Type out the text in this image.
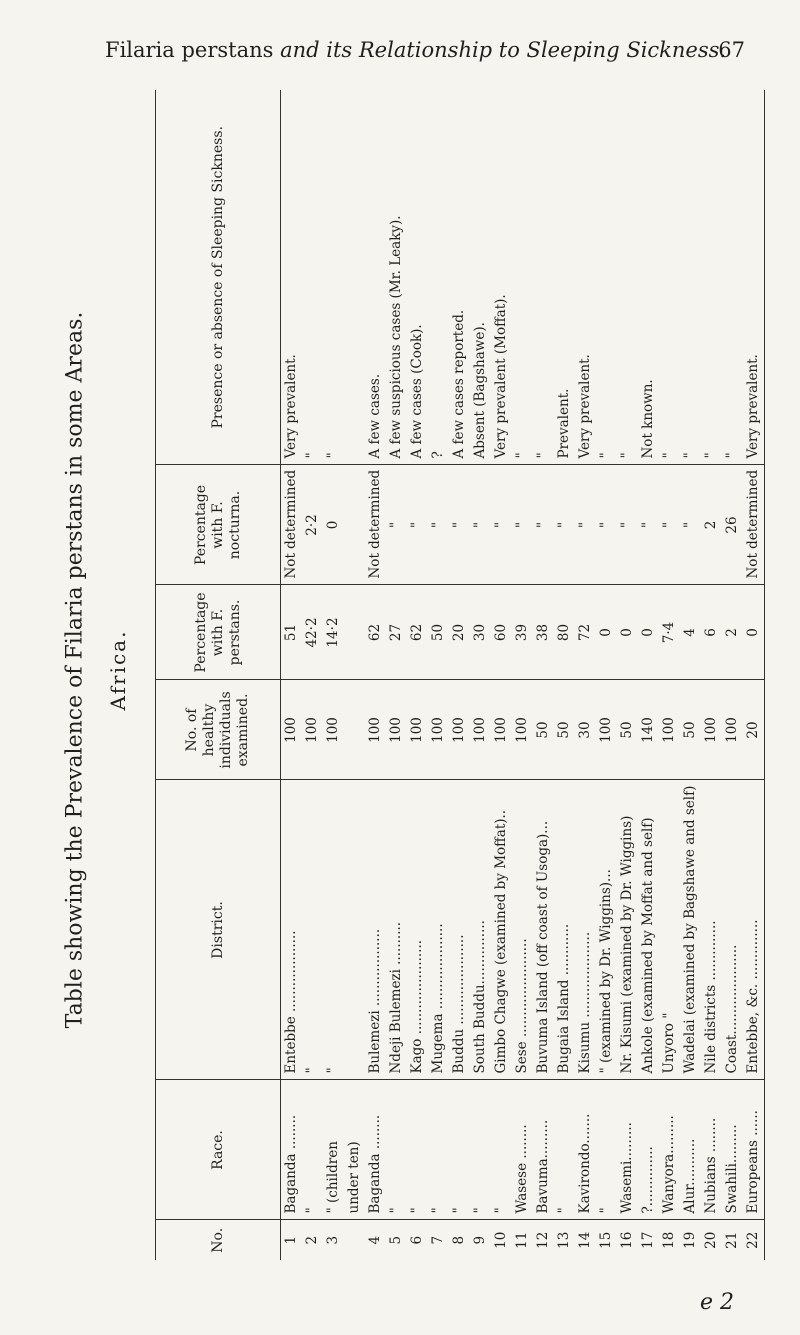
Filaria perstans and its Relationship to Sleeping Sickness.
67
Table showing the Prevalence of Filaria perstans in some Areas. Africa.
No.	Race.	District.	No. of healthy individuals examined.	Percentage with F. perstans.	Percentage with F. nocturna.	Presence or absence of Sleeping Sickness.
1	Baganda ........	Entebbe ...................	100	51	Not determined	Very prevalent.
2	"	"	100	42·2	2·2	"
3	" (children	"	100	14·2	0	"
	under ten)					
4	Baganda ........	Bulemezi ..................	100	62	Not determined	A few cases.
5	"	Ndeji Bulemezi ..........	100	27	"	A few suspicious cases (Mr. Leaky).
6	"	Kago ......................	100	62	"	A few cases (Cook).
7	"	Mugema ....................	100	50	"	?
8	"	Buddu .....................	100	20	"	A few cases reported.
9	"	South Buddu...............	100	30	"	Absent (Bagshawe).
10	"	Gimbo Chagwe (examined by Moffat)..	100	60	"	Very prevalent (Moffat).
11	Wasese ........	Sese .......................	100	39	"	"
12	Bavuma.........	Buvuma Island (off coast of Usoga)...	50	38	"	"
13	"	Bugaia Island ............	50	80	"	Prevalent.
14	Kavirondo.......	Kisumu ....................	30	72	"	Very prevalent.
15	"	" (examined by Dr. Wiggins)...	100	0	"	"
16	Wasemi.........	Nr. Kisumi (examined by Dr. Wiggins)	50	0	"	"
17	?..............	Ankole (examined by Moffat and self)	140	0	"	Not known.
18	Wanyora.........	Unyoro "	100	7·4	"	"
19	Alur...........	Wadelai (examined by Bagshawe and self)	50	4	"	"
20	Nubians ........	Nile districts ..............	100	6	2	"
21	Swahili.........	Coast.....................	100	2	26	"
22	Europeans ......	Entebbe, &c. ..............	20	0	Not determined	Very prevalent.
e 2
